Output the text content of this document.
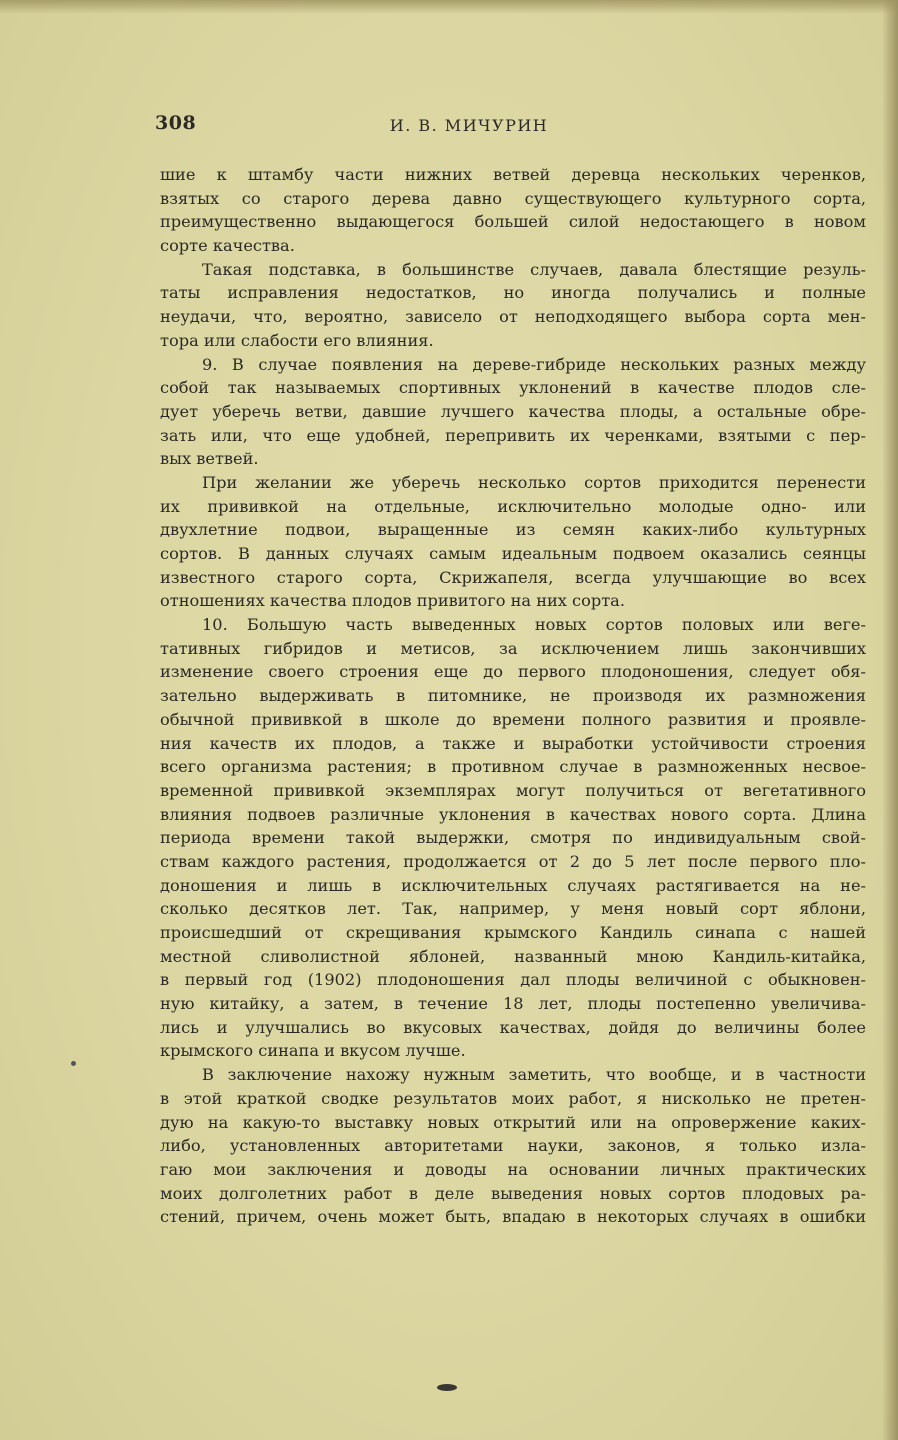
308	И. В. МИЧУРИН
шие к штамбу части нижних ветвей деревца нескольких черенков,
взятых со старого дерева давно существующего культурного сорта,
преимущественно выдающегося большей силой недостающего в новом
сорте качества.
Такая подставка, в большинстве случаев, давала блестящие резуль-
таты исправления недостатков, но иногда получались и полные
неудачи, что, вероятно, зависело от неподходящего выбора сорта мен-
тора или слабости его влияния.
9. В случае появления на дереве-гибриде нескольких разных между
собой так называемых спортивных уклонений в качестве плодов сле-
дует уберечь ветви, давшие лучшего качества плоды, а остальные обре-
зать или, что еще удобней, перепривить их черенками, взятыми с пер-
вых ветвей.
При желании же уберечь несколько сортов приходится перенести
их прививкой на отдельные, исключительно молодые одно- или
двухлетние подвои, выращенные из семян каких-либо культурных
сортов. В данных случаях самым идеальным подвоем оказались сеянцы
известного старого сорта, Скрижапеля, всегда улучшающие во всех
отношениях качества плодов привитого на них сорта.
10. Большую часть выведенных новых сортов половых или веге-
тативных гибридов и метисов, за исключением лишь закончивших
изменение своего строения еще до первого плодоношения, следует обя-
зательно выдерживать в питомнике, не производя их размножения
обычной прививкой в школе до времени полного развития и проявле-
ния качеств их плодов, а также и выработки устойчивости строения
всего организма растения; в противном случае в размноженных несвое-
временной прививкой экземплярах могут получиться от вегетативного
влияния подвоев различные уклонения в качествах нового сорта. Длина
периода времени такой выдержки, смотря по индивидуальным свой-
ствам каждого растения, продолжается от 2 до 5 лет после первого пло-
доношения и лишь в исключительных случаях растягивается на не-
сколько десятков лет. Так, например, у меня новый сорт яблони,
происшедший от скрещивания крымского Кандиль синапа с нашей
местной сливолистной яблоней, названный мною Кандиль-китайка,
в первый год (1902) плодоношения дал плоды величиной с обыкновен-
ную китайку, а затем, в течение 18 лет, плоды постепенно увеличива-
лись и улучшались во вкусовых качествах, дойдя до величины более
крымского синапа и вкусом лучше.
В заключение нахожу нужным заметить, что вообще, и в частности
в этой краткой сводке результатов моих работ, я нисколько не претен-
дую на какую-то выставку новых открытий или на опровержение каких-
либо, установленных авторитетами науки, законов, я только изла-
гаю мои заключения и доводы на основании личных практических
моих долголетних работ в деле выведения новых сортов плодовых ра-
стений, причем, очень может быть, впадаю в некоторых случаях в ошибки
